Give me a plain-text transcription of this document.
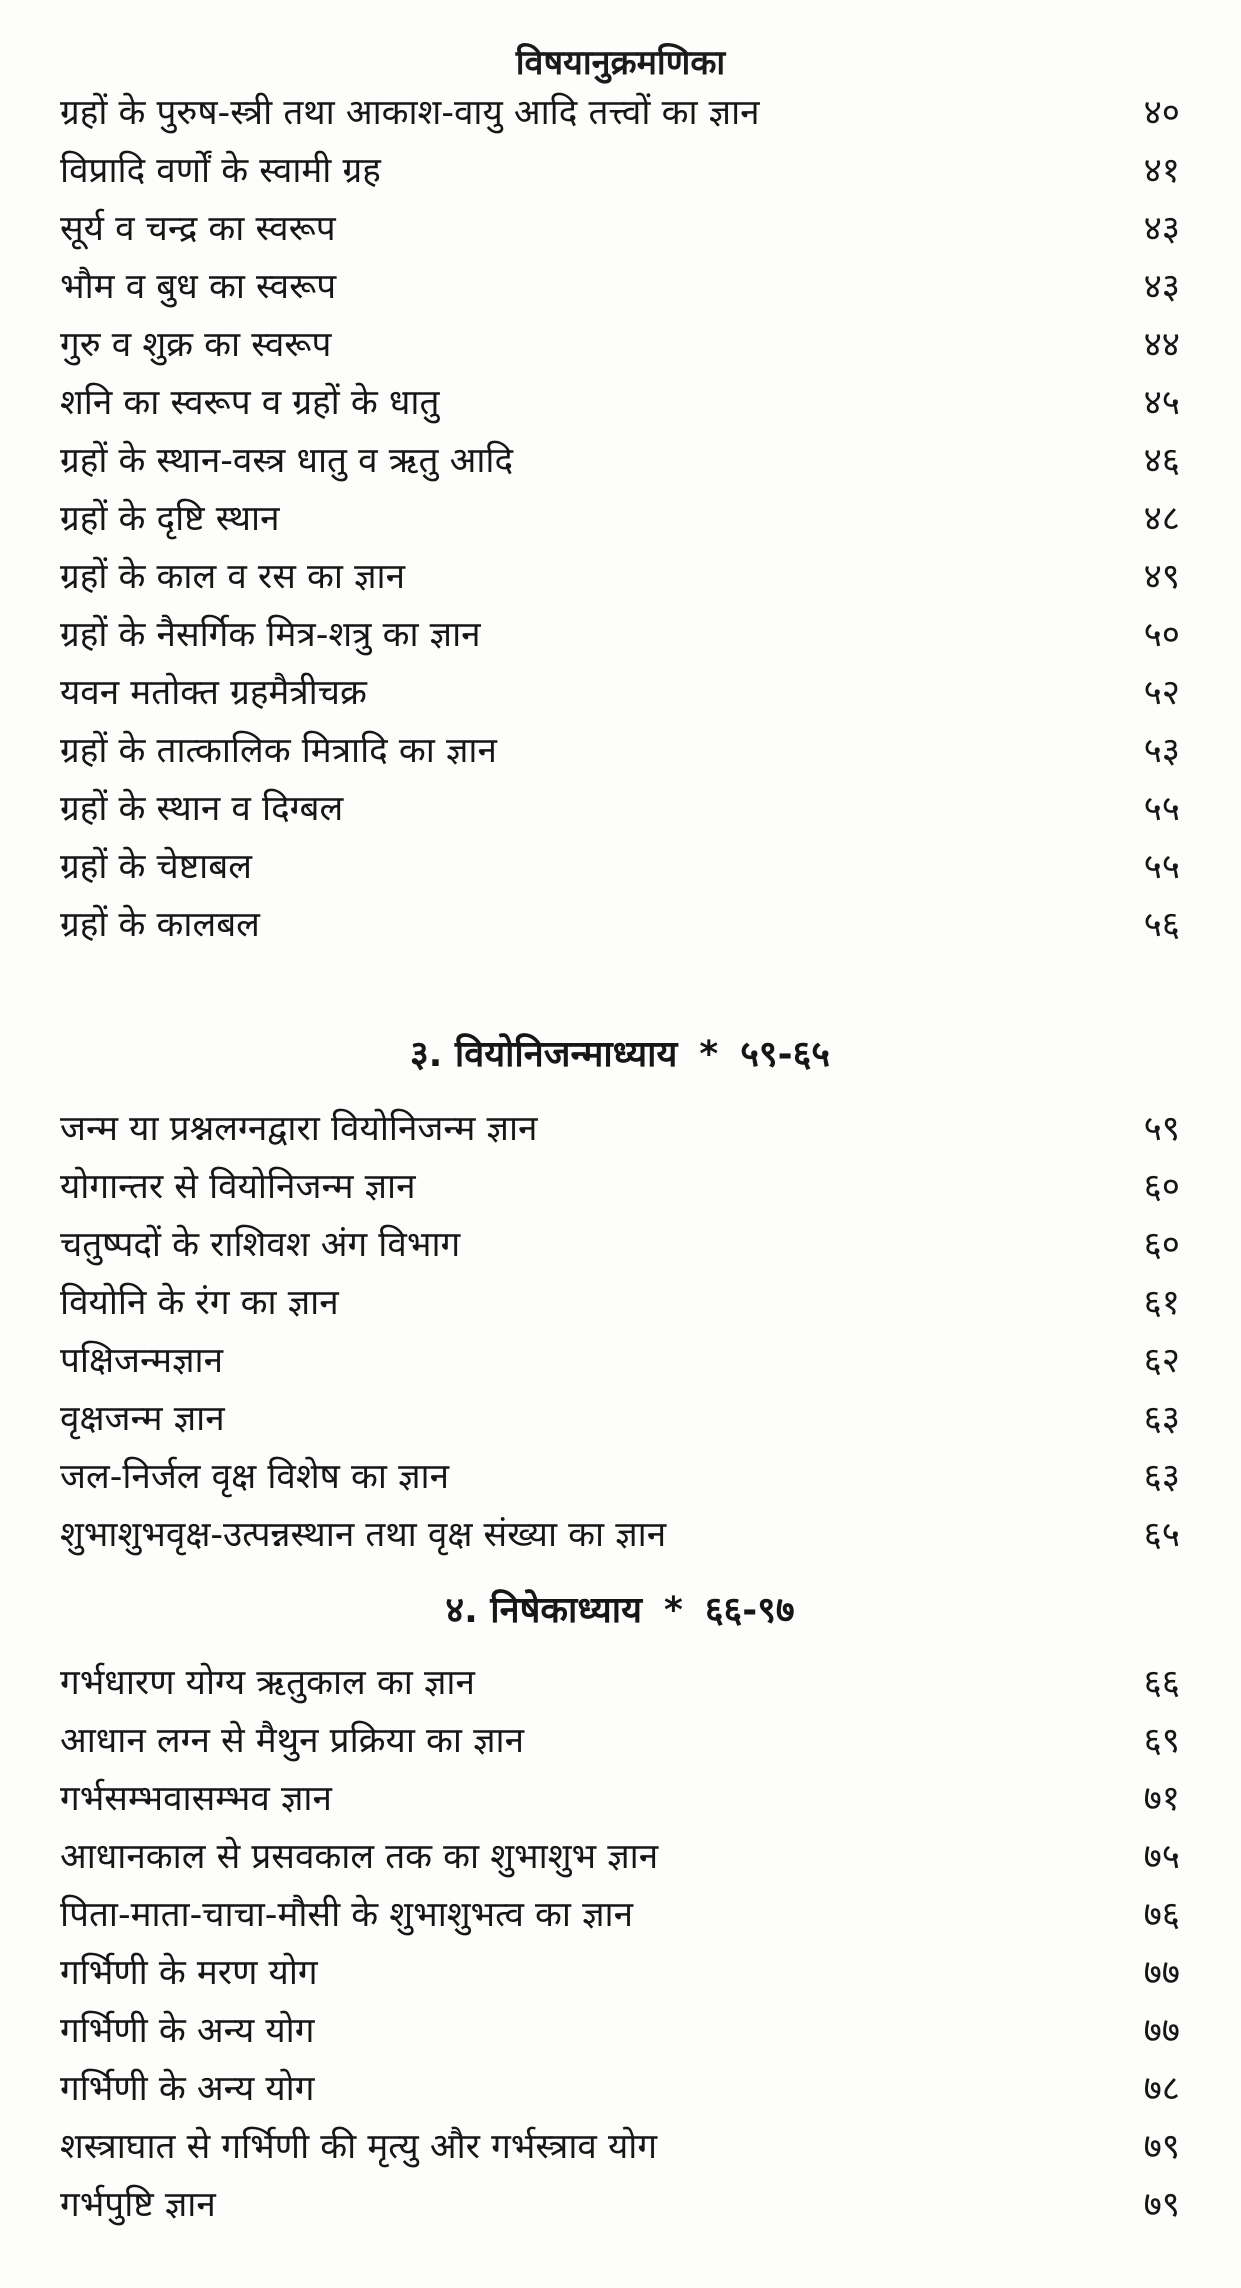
विषयानुक्रमणिका
ग्रहों के पुरुष-स्त्री तथा आकाश-वायु आदि तत्त्वों का ज्ञान	४०
विप्रादि वर्णों के स्वामी ग्रह	४१
सूर्य व चन्द्र का स्वरूप	४३
भौम व बुध का स्वरूप	४३
गुरु व शुक्र का स्वरूप	४४
शनि का स्वरूप व ग्रहों के धातु	४५
ग्रहों के स्थान-वस्त्र धातु व ऋतु आदि	४६
ग्रहों के दृष्टि स्थान	४८
ग्रहों के काल व रस का ज्ञान	४९
ग्रहों के नैसर्गिक मित्र-शत्रु का ज्ञान	५०
यवन मतोक्त ग्रहमैत्रीचक्र	५२
ग्रहों के तात्कालिक मित्रादि का ज्ञान	५३
ग्रहों के स्थान व दिग्बल	५५
ग्रहों के चेष्टाबल	५५
ग्रहों के कालबल	५६
३. वियोनिजन्माध्याय * ५९-६५
जन्म या प्रश्नलग्नद्वारा वियोनिजन्म ज्ञान	५९
योगान्तर से वियोनिजन्म ज्ञान	६०
चतुष्पदों के राशिवश अंग विभाग	६०
वियोनि के रंग का ज्ञान	६१
पक्षिजन्मज्ञान	६२
वृक्षजन्म ज्ञान	६३
जल-निर्जल वृक्ष विशेष का ज्ञान	६३
शुभाशुभवृक्ष-उत्पन्नस्थान तथा वृक्ष संख्या का ज्ञान	६५
४. निषेकाध्याय * ६६-९७
गर्भधारण योग्य ऋतुकाल का ज्ञान	६६
आधान लग्न से मैथुन प्रक्रिया का ज्ञान	६९
गर्भसम्भवासम्भव ज्ञान	७१
आधानकाल से प्रसवकाल तक का शुभाशुभ ज्ञान	७५
पिता-माता-चाचा-मौसी के शुभाशुभत्व का ज्ञान	७६
गर्भिणी के मरण योग	७७
गर्भिणी के अन्य योग	७७
गर्भिणी के अन्य योग	७८
शस्त्राघात से गर्भिणी की मृत्यु और गर्भस्त्राव योग	७९
गर्भपुष्टि ज्ञान	७९
